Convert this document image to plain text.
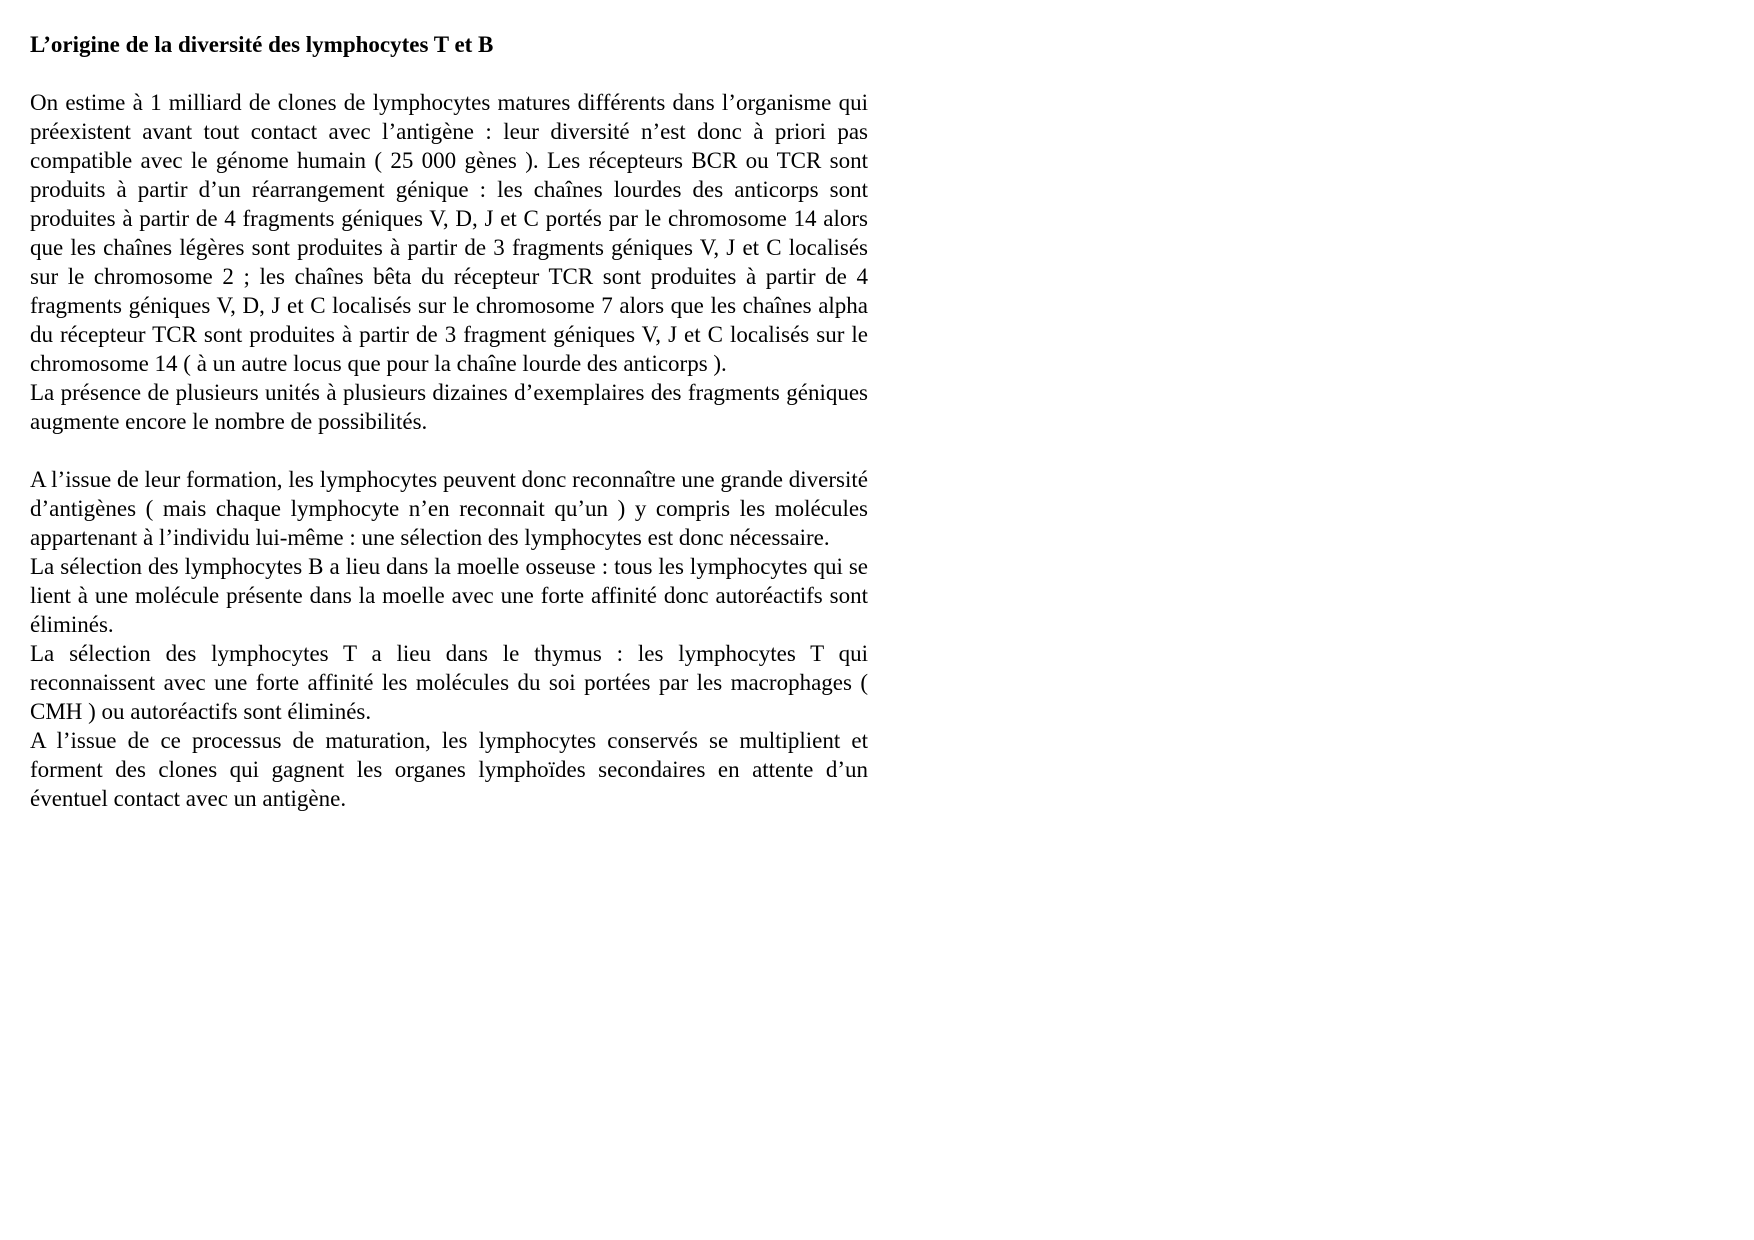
L’origine de la diversité des lymphocytes T et B

On estime à 1 milliard de clones de lymphocytes matures différents dans l’organisme qui préexistent avant tout contact avec l’antigène : leur diversité n’est donc à priori pas compatible avec le génome humain ( 25 000 gènes ). Les récepteurs BCR ou TCR sont produits à partir d’un réarrangement génique : les chaînes lourdes des anticorps sont produites à partir de 4 fragments géniques V, D, J et C portés par le chromosome 14 alors que les chaînes légères sont produites à partir de 3 fragments géniques V, J et C localisés sur le chromosome 2 ; les chaînes bêta du récepteur TCR sont produites à partir de 4 fragments géniques V, D, J et C localisés sur le chromosome 7 alors que les chaînes alpha du récepteur TCR sont produites à partir de 3 fragment géniques V, J et C localisés sur le chromosome 14 ( à un autre locus que pour la chaîne lourde des anticorps ).

La présence de plusieurs unités à plusieurs dizaines d’exemplaires des fragments géniques augmente encore le nombre de possibilités.

A l’issue de leur formation, les lymphocytes peuvent donc reconnaître une grande diversité d’antigènes ( mais chaque lymphocyte n’en reconnait qu’un ) y compris les molécules appartenant à l’individu lui-même : une sélection des lymphocytes est donc nécessaire.

La sélection des lymphocytes B a lieu dans la moelle osseuse : tous les lymphocytes qui se lient à une molécule présente dans la moelle avec une forte affinité donc autoréactifs sont éliminés.

La sélection des lymphocytes T a lieu dans le thymus : les lymphocytes T qui reconnaissent avec une forte affinité les molécules du soi portées par les macrophages ( CMH ) ou autoréactifs sont éliminés.

A l’issue de ce processus de maturation, les lymphocytes conservés se multiplient et forment des clones qui gagnent les organes lymphoïdes secondaires en attente d’un éventuel contact avec un antigène.
